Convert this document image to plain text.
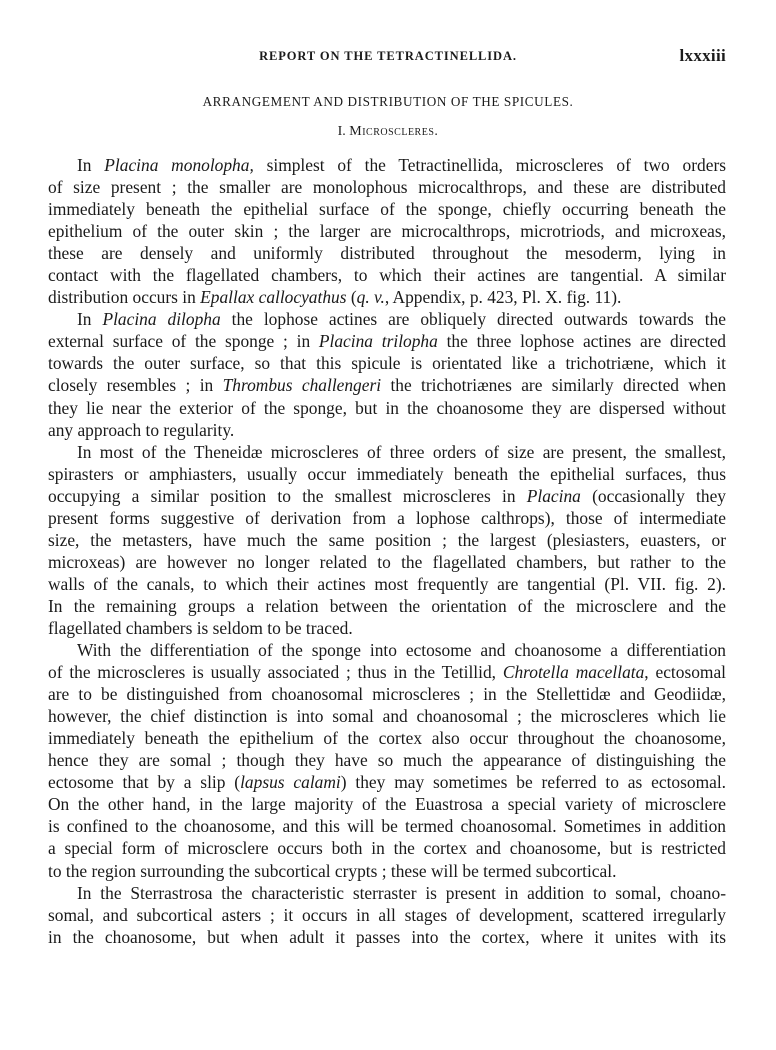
REPORT ON THE TETRACTINELLIDA.	lxxxiii
ARRANGEMENT AND DISTRIBUTION OF THE SPICULES.
I. Microscleres.
In Placina monolopha, simplest of the Tetractinellida, microscleres of two orders
of size present ; the smaller are monolophous microcalthrops, and these are distributed
immediately beneath the epithelial surface of the sponge, chiefly occurring beneath the
epithelium of the outer skin ; the larger are microcalthrops, microtriods, and microxeas,
these are densely and uniformly distributed throughout the mesoderm, lying in
contact with the flagellated chambers, to which their actines are tangential. A similar
distribution occurs in Epallax callocyathus (q. v., Appendix, p. 423, Pl. X. fig. 11).
In Placina dilopha the lophose actines are obliquely directed outwards towards the
external surface of the sponge ; in Placina trilopha the three lophose actines are directed
towards the outer surface, so that this spicule is orientated like a trichotriæne, which it
closely resembles ; in Thrombus challengeri the trichotriænes are similarly directed when
they lie near the exterior of the sponge, but in the choanosome they are dispersed without
any approach to regularity.
In most of the Theneidæ microscleres of three orders of size are present, the smallest,
spirasters or amphiasters, usually occur immediately beneath the epithelial surfaces, thus
occupying a similar position to the smallest microscleres in Placina (occasionally they
present forms suggestive of derivation from a lophose calthrops), those of intermediate
size, the metasters, have much the same position ; the largest (plesiasters, euasters, or
microxeas) are however no longer related to the flagellated chambers, but rather to the
walls of the canals, to which their actines most frequently are tangential (Pl. VII. fig. 2).
In the remaining groups a relation between the orientation of the microsclere and the
flagellated chambers is seldom to be traced.
With the differentiation of the sponge into ectosome and choanosome a differentiation
of the microscleres is usually associated ; thus in the Tetillid, Chrotella macellata, ectosomal
are to be distinguished from choanosomal microscleres ; in the Stellettidæ and Geodiidæ,
however, the chief distinction is into somal and choanosomal ; the microscleres which lie
immediately beneath the epithelium of the cortex also occur throughout the choanosome,
hence they are somal ; though they have so much the appearance of distinguishing the
ectosome that by a slip (lapsus calami) they may sometimes be referred to as ectosomal.
On the other hand, in the large majority of the Euastrosa a special variety of microsclere
is confined to the choanosome, and this will be termed choanosomal. Sometimes in addition
a special form of microsclere occurs both in the cortex and choanosome, but is restricted
to the region surrounding the subcortical crypts ; these will be termed subcortical.
In the Sterrastrosa the characteristic sterraster is present in addition to somal, choano-
somal, and subcortical asters ; it occurs in all stages of development, scattered irregularly
in the choanosome, but when adult it passes into the cortex, where it unites with its
